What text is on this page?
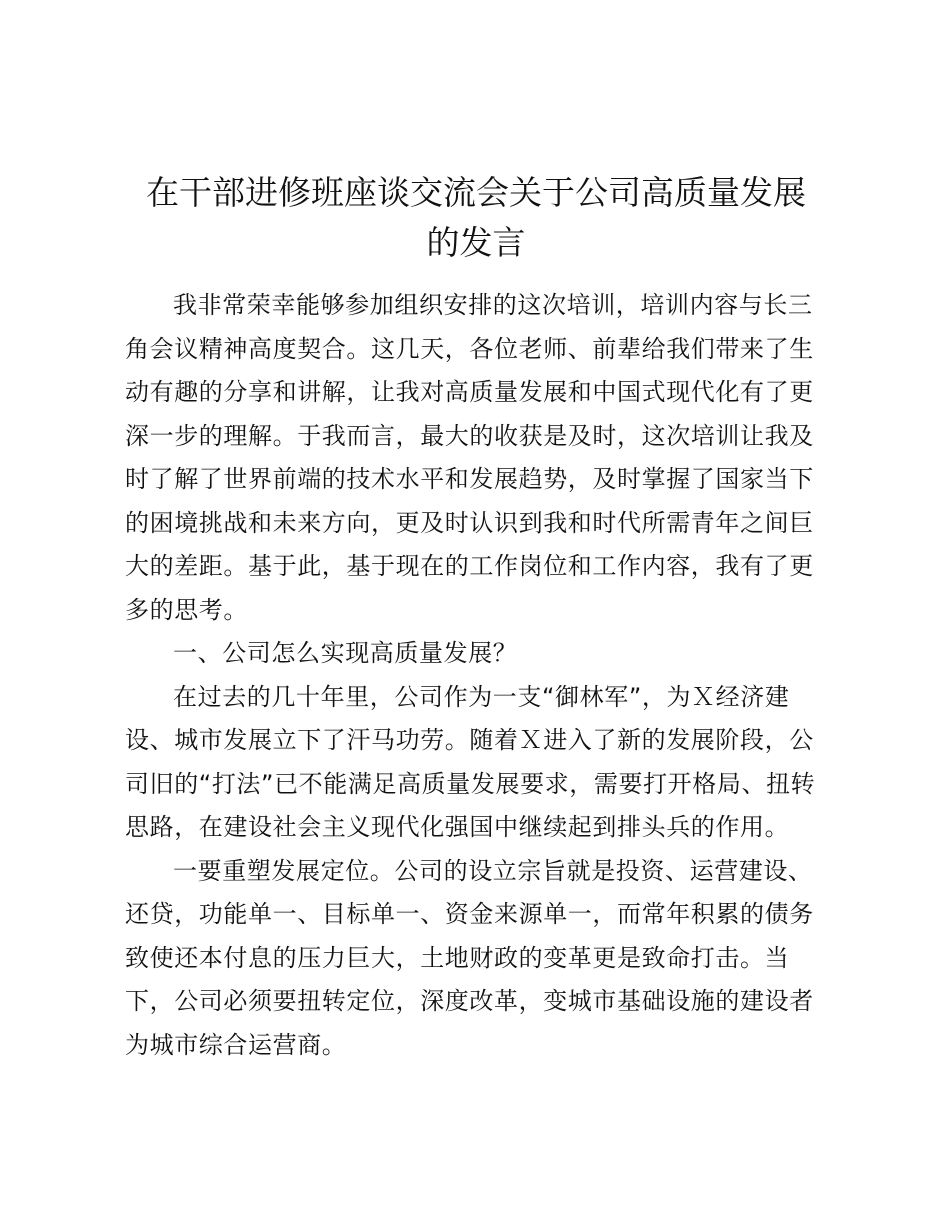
在干部进修班座谈交流会关于公司高质量发展
的发言

我非常荣幸能够参加组织安排的这次培训，培训内容与长三角会议精神高度契合。这几天，各位老师、前辈给我们带来了生动有趣的分享和讲解，让我对高质量发展和中国式现代化有了更深一步的理解。于我而言，最大的收获是及时，这次培训让我及时了解了世界前端的技术水平和发展趋势，及时掌握了国家当下的困境挑战和未来方向，更及时认识到我和时代所需青年之间巨大的差距。基于此，基于现在的工作岗位和工作内容，我有了更多的思考。

一、公司怎么实现高质量发展？

在过去的几十年里，公司作为一支“御林军”，为Ｘ经济建设、城市发展立下了汗马功劳。随着Ｘ进入了新的发展阶段，公司旧的“打法”已不能满足高质量发展要求，需要打开格局、扭转思路，在建设社会主义现代化强国中继续起到排头兵的作用。

一要重塑发展定位。公司的设立宗旨就是投资、运营建设、还贷，功能单一、目标单一、资金来源单一，而常年积累的债务致使还本付息的压力巨大，土地财政的变革更是致命打击。当下，公司必须要扭转定位，深度改革，变城市基础设施的建设者为城市综合运营商。
